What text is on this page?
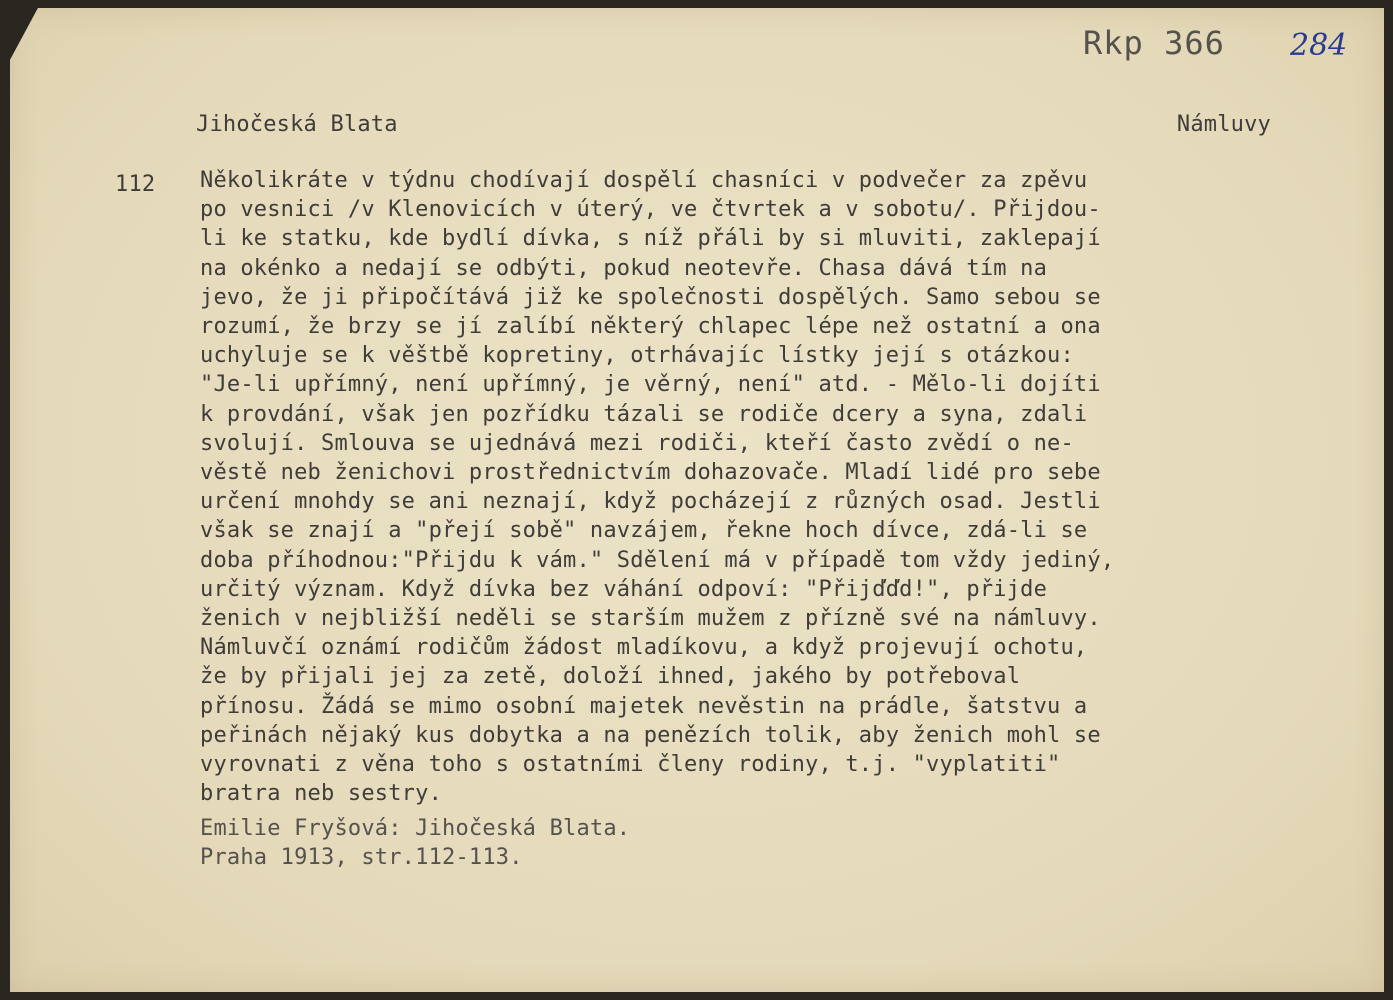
Rkp 366 284
Jihočeská Blata	Námluvy
112 Několikráte v týdnu chodívají dospělí chasníci v podvečer za zpěvu
po vesnici /v Klenovicích v úterý, ve čtvrtek a v sobotu/. Přijdou-
li ke statku, kde bydlí dívka, s níž přáli by si mluviti, zaklepají
na okénko a nedají se odbýti, pokud neotevře. Chasa dává tím na
jevo, že ji připočítává již ke společnosti dospělých. Samo sebou se
rozumí, že brzy se jí zalíbí některý chlapec lépe než ostatní a ona
uchyluje se k věštbě kopretiny, otrhávajíc lístky její s otázkou:
"Je-li upřímný, není upřímný, je věrný, není" atd. - Mělo-li dojíti
k provdání, však jen pozřídku tázali se rodiče dcery a syna, zdali
svolují. Smlouva se ujednává mezi rodiči, kteří často zvědí o ne-
věstě neb ženichovi prostřednictvím dohazovače. Mladí lidé pro sebe
určení mnohdy se ani neznají, když pocházejí z různých osad. Jestli
však se znají a "přejí sobě" navzájem, řekne hoch dívce, zdá-li se
doba příhodnou:"Přijdu k vám." Sdělení má v případě tom vždy jediný,
určitý význam. Když dívka bez váhání odpoví: "Přijďďd!", přijde
ženich v nejbližší neděli se starším mužem z přízně své na námluvy.
Námluvčí oznámí rodičům žádost mladíkovu, a když projevují ochotu,
že by přijali jej za zetě, doloží ihned, jakého by potřeboval
přínosu. Žádá se mimo osobní majetek nevěstin na prádle, šatstvu a
peřinách nějaký kus dobytka a na penězích tolik, aby ženich mohl se
vyrovnati z věna toho s ostatními členy rodiny, t.j. "vyplatiti"
bratra neb sestry.
Emilie Fryšová: Jihočeská Blata.
Praha 1913, str.112-113.
